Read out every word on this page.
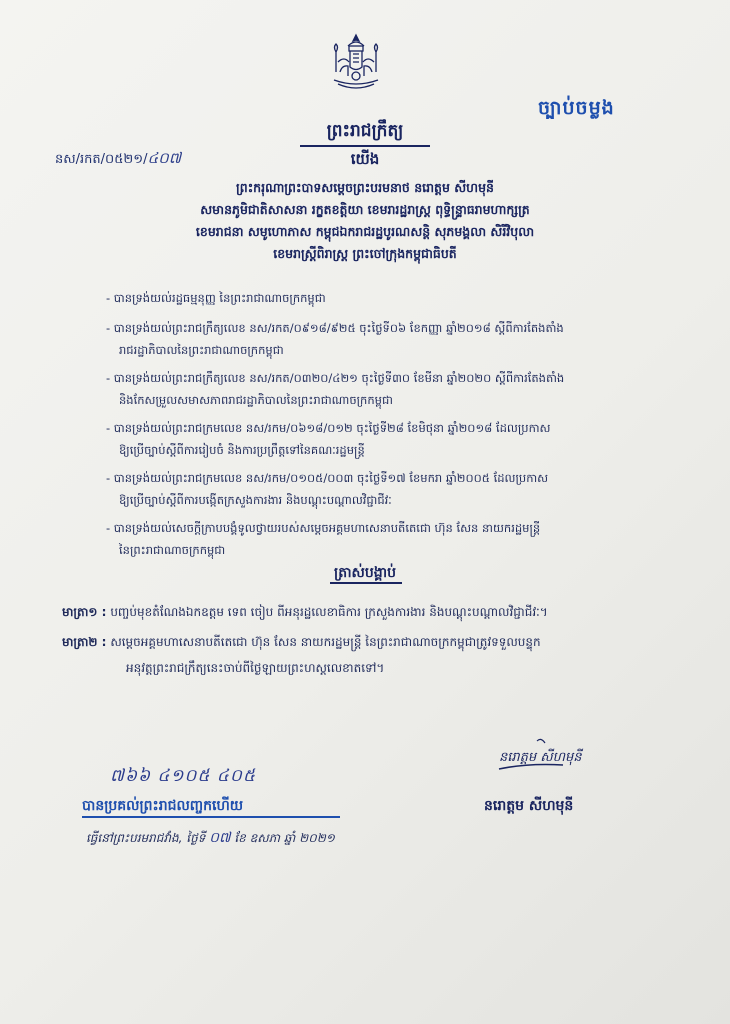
ច្បាប់ចម្លង
ព្រះរាជក្រឹត្យ
នស/រកត/០៥២១/៤០៧	យើង
ព្រះករុណាព្រះបាទសម្តេចព្រះបរមនាថ នរោត្តម សីហមុនី
សមានភូមិជាតិសាសនា រក្ខតខត្តិយា ខេមរារដ្ឋរាស្ត្រ ពុទ្ធិន្ទ្រាធរាមហាក្សត្រ
ខេមរាជនា សមូហោភាស កម្ពុជឯករាជរដ្ឋបូរណសន្តិ សុភមង្គលា សិរីវិបុលា
ខេមរាស្ត្រីពិរាស្ត្រ ព្រះចៅក្រុងកម្ពុជាធិបតី
- បានទ្រង់យល់រដ្ឋធម្មនុញ្ញ នៃព្រះរាជាណាចក្រកម្ពុជា
- បានទ្រង់យល់ព្រះរាជក្រឹត្យលេខ នស/រកត/០៩១៨/៩២៥ ចុះថ្ងៃទី០៦ ខែកញ្ញា ឆ្នាំ២០១៨ ស្តីពីការតែងតាំង
រាជរដ្ឋាភិបាលនៃព្រះរាជាណាចក្រកម្ពុជា
- បានទ្រង់យល់ព្រះរាជក្រឹត្យលេខ នស/រកត/០៣២០/៤២១ ចុះថ្ងៃទី៣០ ខែមីនា ឆ្នាំ២០២០ ស្តីពីការតែងតាំង
និងកែសម្រួលសមាសភាពរាជរដ្ឋាភិបាលនៃព្រះរាជាណាចក្រកម្ពុជា
- បានទ្រង់យល់ព្រះរាជក្រមលេខ នស/រកម/០៦១៨/០១២ ចុះថ្ងៃទី២៨ ខែមិថុនា ឆ្នាំ២០១៨ ដែលប្រកាស
ឱ្យប្រើច្បាប់ស្តីពីការរៀបចំ និងការប្រព្រឹត្តទៅនៃគណៈរដ្ឋមន្ត្រី
- បានទ្រង់យល់ព្រះរាជក្រមលេខ នស/រកម/០១០៥/០០៣ ចុះថ្ងៃទី១៧ ខែមករា ឆ្នាំ២០០៥ ដែលប្រកាស
ឱ្យប្រើច្បាប់ស្តីពីការបង្កើតក្រសួងការងារ និងបណ្តុះបណ្តាលវិជ្ជាជីវៈ
- បានទ្រង់យល់សេចក្តីក្រាបបង្គំទូលថ្វាយរបស់សម្តេចអគ្គមហាសេនាបតីតេជោ ហ៊ុន សែន នាយករដ្ឋមន្ត្រី
នៃព្រះរាជាណាចក្រកម្ពុជា
ត្រាស់បង្គាប់
មាត្រា១ : បញ្ចប់មុខតំណែងឯកឧត្តម ទេព ចៀប ពីអនុរដ្ឋលេខាធិការ ក្រសួងការងារ និងបណ្តុះបណ្តាលវិជ្ជាជីវៈ។
មាត្រា២ : សម្តេចអគ្គមហាសេនាបតីតេជោ ហ៊ុន សែន នាយករដ្ឋមន្ត្រី នៃព្រះរាជាណាចក្រកម្ពុជាត្រូវទទួលបន្ទុក
អនុវត្តព្រះរាជក្រឹត្យនេះចាប់ពីថ្ងៃឡាយព្រះហស្តលេខាតទៅ។
នរោត្តម សីហមុនី
នរោត្តម សីហមុនី
៧៦៦ ៤១០៥ ៤០៥
បានប្រគល់ព្រះរាជលញ្ចកហើយ
ធ្វើនៅព្រះបរមរាជវាំង, ថ្ងៃទី ០៧ ខែ ឧសភា ឆ្នាំ ២០២១
